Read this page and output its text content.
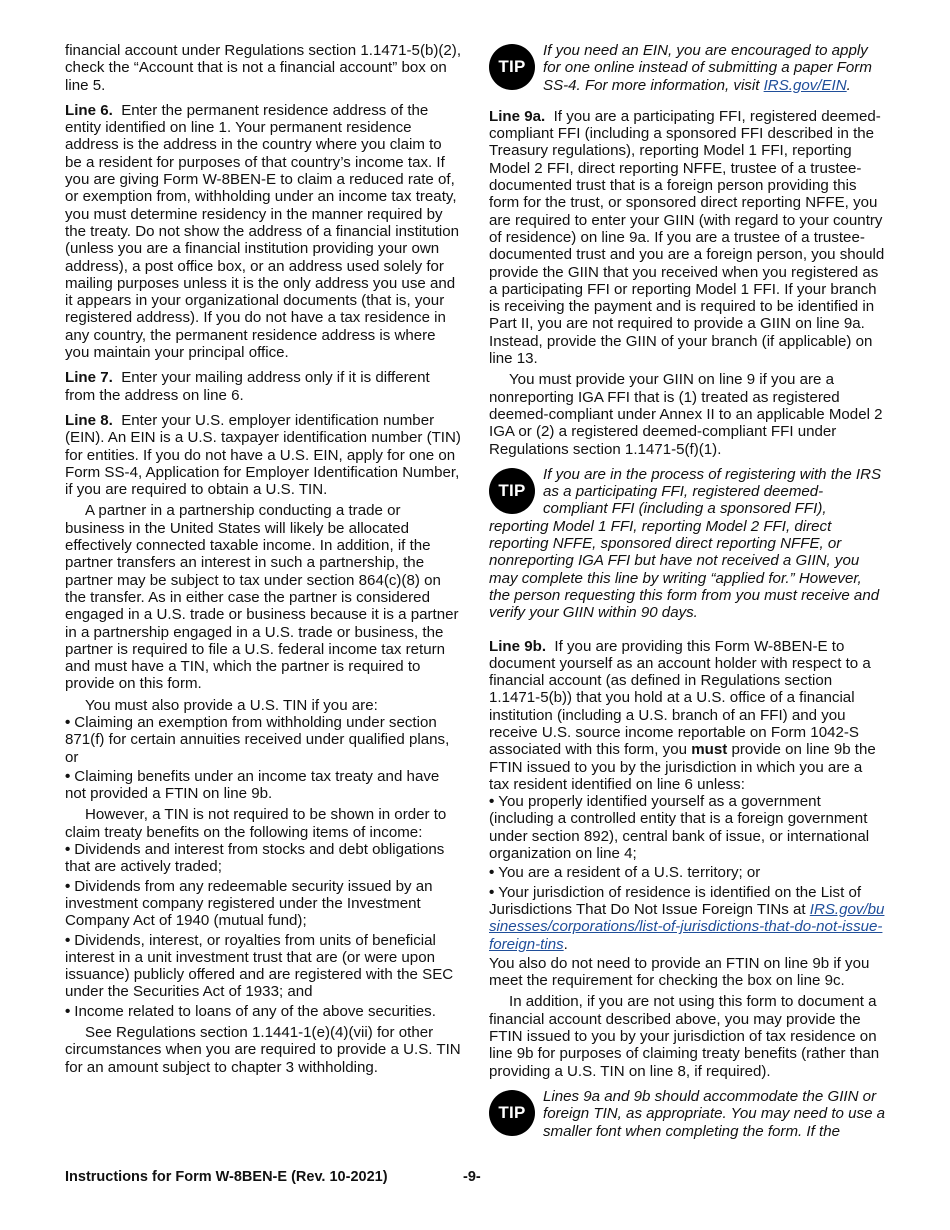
financial account under Regulations section 1.1471-5(b)(2), check the “Account that is not a financial account” box on line 5.

Line 6. Enter the permanent residence address of the entity identified on line 1. Your permanent residence address is the address in the country where you claim to be a resident for purposes of that country’s income tax. If you are giving Form W-8BEN-E to claim a reduced rate of, or exemption from, withholding under an income tax treaty, you must determine residency in the manner required by the treaty. Do not show the address of a financial institution (unless you are a financial institution providing your own address), a post office box, or an address used solely for mailing purposes unless it is the only address you use and it appears in your organizational documents (that is, your registered address). If you do not have a tax residence in any country, the permanent residence address is where you maintain your principal office.

Line 7. Enter your mailing address only if it is different from the address on line 6.

Line 8. Enter your U.S. employer identification number (EIN). An EIN is a U.S. taxpayer identification number (TIN) for entities. If you do not have a U.S. EIN, apply for one on Form SS-4, Application for Employer Identification Number, if you are required to obtain a U.S. TIN.

A partner in a partnership conducting a trade or business in the United States will likely be allocated effectively connected taxable income. In addition, if the partner transfers an interest in such a partnership, the partner may be subject to tax under section 864(c)(8) on the transfer. As in either case the partner is considered engaged in a U.S. trade or business because it is a partner in a partnership engaged in a U.S. trade or business, the partner is required to file a U.S. federal income tax return and must have a TIN, which the partner is required to provide on this form.

You must also provide a U.S. TIN if you are:

• Claiming an exemption from withholding under section 871(f) for certain annuities received under qualified plans, or
• Claiming benefits under an income tax treaty and have not provided a FTIN on line 9b.

However, a TIN is not required to be shown in order to claim treaty benefits on the following items of income:

• Dividends and interest from stocks and debt obligations that are actively traded;
• Dividends from any redeemable security issued by an investment company registered under the Investment Company Act of 1940 (mutual fund);
• Dividends, interest, or royalties from units of beneficial interest in a unit investment trust that are (or were upon issuance) publicly offered and are registered with the SEC under the Securities Act of 1933; and
• Income related to loans of any of the above securities.

See Regulations section 1.1441-1(e)(4)(vii) for other circumstances when you are required to provide a U.S. TIN for an amount subject to chapter 3 withholding.

TIP
If you need an EIN, you are encouraged to apply for one online instead of submitting a paper Form SS-4. For more information, visit IRS.gov/EIN.

Line 9a. If you are a participating FFI, registered deemed-compliant FFI (including a sponsored FFI described in the Treasury regulations), reporting Model 1 FFI, reporting Model 2 FFI, direct reporting NFFE, trustee of a trustee-documented trust that is a foreign person providing this form for the trust, or sponsored direct reporting NFFE, you are required to enter your GIIN (with regard to your country of residence) on line 9a. If you are a trustee of a trustee-documented trust and you are a foreign person, you should provide the GIIN that you received when you registered as a participating FFI or reporting Model 1 FFI. If your branch is receiving the payment and is required to be identified in Part II, you are not required to provide a GIIN on line 9a. Instead, provide the GIIN of your branch (if applicable) on line 13.

You must provide your GIIN on line 9 if you are a nonreporting IGA FFI that is (1) treated as registered deemed-compliant under Annex II to an applicable Model 2 IGA or (2) a registered deemed-compliant FFI under Regulations section 1.1471-5(f)(1).

TIP
If you are in the process of registering with the IRS as a participating FFI, registered deemed-compliant FFI (including a sponsored FFI), reporting Model 1 FFI, reporting Model 2 FFI, direct reporting NFFE, sponsored direct reporting NFFE, or nonreporting IGA FFI but have not received a GIIN, you may complete this line by writing “applied for.” However, the person requesting this form from you must receive and verify your GIIN within 90 days.

Line 9b. If you are providing this Form W-8BEN-E to document yourself as an account holder with respect to a financial account (as defined in Regulations section 1.1471-5(b)) that you hold at a U.S. office of a financial institution (including a U.S. branch of an FFI) and you receive U.S. source income reportable on Form 1042-S associated with this form, you must provide on line 9b the FTIN issued to you by the jurisdiction in which you are a tax resident identified on line 6 unless:

• You properly identified yourself as a government (including a controlled entity that is a foreign government under section 892), central bank of issue, or international organization on line 4;
• You are a resident of a U.S. territory; or
• Your jurisdiction of residence is identified on the List of Jurisdictions That Do Not Issue Foreign TINs at IRS.gov/businesses/corporations/list-of-jurisdictions-that-do-not-issue-foreign-tins.

You also do not need to provide an FTIN on line 9b if you meet the requirement for checking the box on line 9c.

In addition, if you are not using this form to document a financial account described above, you may provide the FTIN issued to you by your jurisdiction of tax residence on line 9b for purposes of claiming treaty benefits (rather than providing a U.S. TIN on line 8, if required).

TIP
Lines 9a and 9b should accommodate the GIIN or foreign TIN, as appropriate. You may need to use a smaller font when completing the form. If the
Instructions for Form W-8BEN-E (Rev. 10-2021)	-9-
